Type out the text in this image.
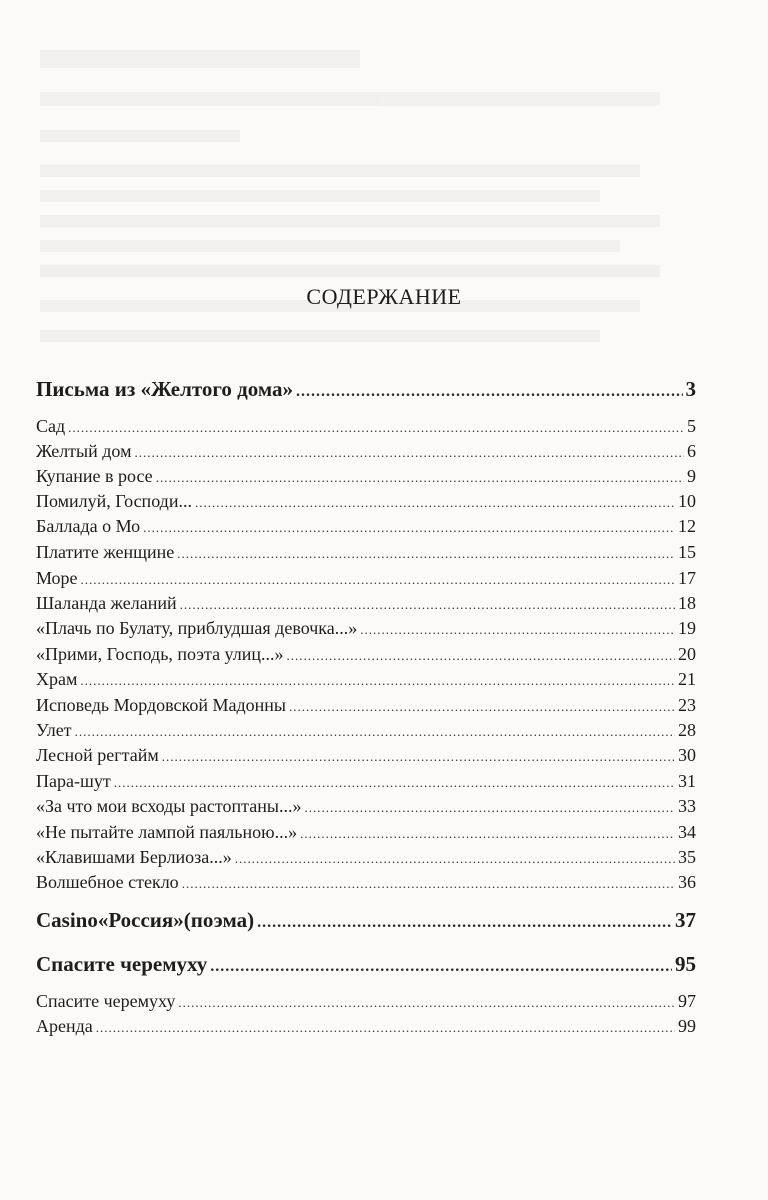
СОДЕРЖАНИЕ
Письма из «Желтого дома» .....	3
Сад .....	5
Желтый дом .....	6
Купание в росе .....	9
Помилуй, Господи... .....	10
Баллада о Мо .....	12
Платите женщине .....	15
Море .....	17
Шаланда желаний .....	18
«Плачь по Булату, приблудшая девочка...» .....	19
«Прими, Господь, поэта улиц...» .....	20
Храм .....	21
Исповедь Мордовской Мадонны .....	23
Улет .....	28
Лесной регтайм .....	30
Пара-шут .....	31
«За что мои всходы растоптаны...» .....	33
«Не пытайте лампой паяльною...» .....	34
«Клавишами Берлиоза...» .....	35
Волшебное стекло .....	36
Casino«Россия»(поэма) .....	37
Спасите черемуху .....	95
Спасите черемуху .....	97
Аренда .....	99
